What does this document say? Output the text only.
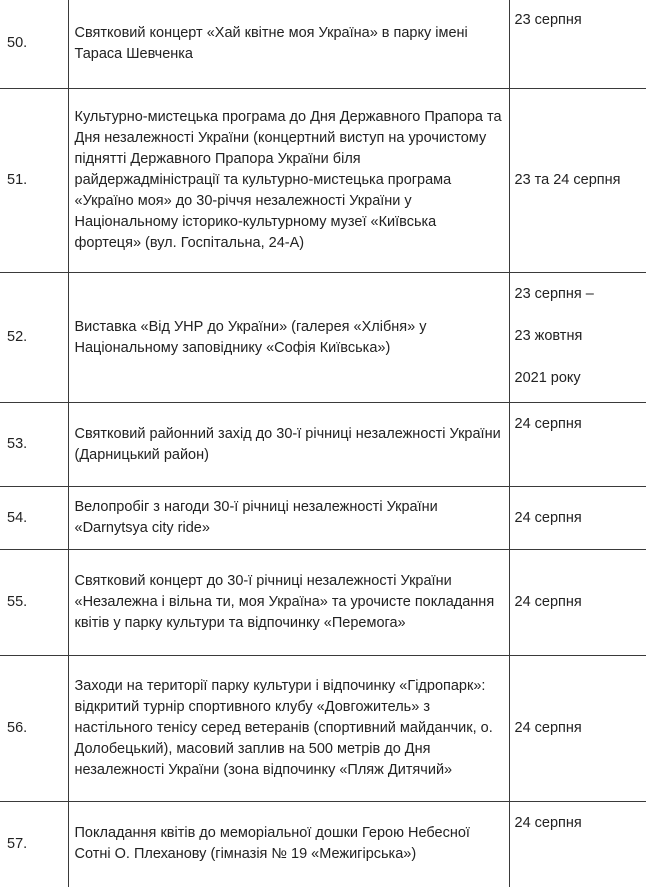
50.	Святковий концерт «Хай квітне моя Україна» в парку імені Тараса Шевченка	23 серпня

51.	Культурно-мистецька програма до Дня Державного Прапора та Дня незалежності України (концертний виступ на урочистому піднятті Державного Прапора України біля райдержадміністрації та культурно-мистецька програма «Україно моя» до 30-річчя незалежності України у Національному історико-культурному музеї «Київська фортеця» (вул. Госпітальна, 24-А)	23 та 24 серпня

52.	Виставка «Від УНР до України» (галерея «Хлібня» у Національному заповіднику «Софія Київська»)	23 серпня –
23 жовтня
2021 року

53.	Святковий районний захід до 30-ї річниці незалежності України (Дарницький район)	24 серпня

54.	Велопробіг з нагоди 30-ї річниці незалежності України «Darnytsya city ride»	24 серпня

55.	Святковий концерт до 30-ї річниці незалежності України «Незалежна і вільна ти, моя Україна» та урочисте покладання квітів у парку культури та відпочинку «Перемога»	24 серпня

56.	Заходи на території парку культури і відпочинку «Гідропарк»: відкритий турнір спортивного клубу «Довгожитель» з настільного тенісу серед ветеранів (спортивний майданчик, о. Долобецький), масовий заплив на 500 метрів до Дня незалежності України (зона відпочинку «Пляж Дитячий»	24 серпня

57.	Покладання квітів до меморіальної дошки Герою Небесної Сотні О. Плеханову (гімназія № 19 «Межигірська»)	24 серпня
